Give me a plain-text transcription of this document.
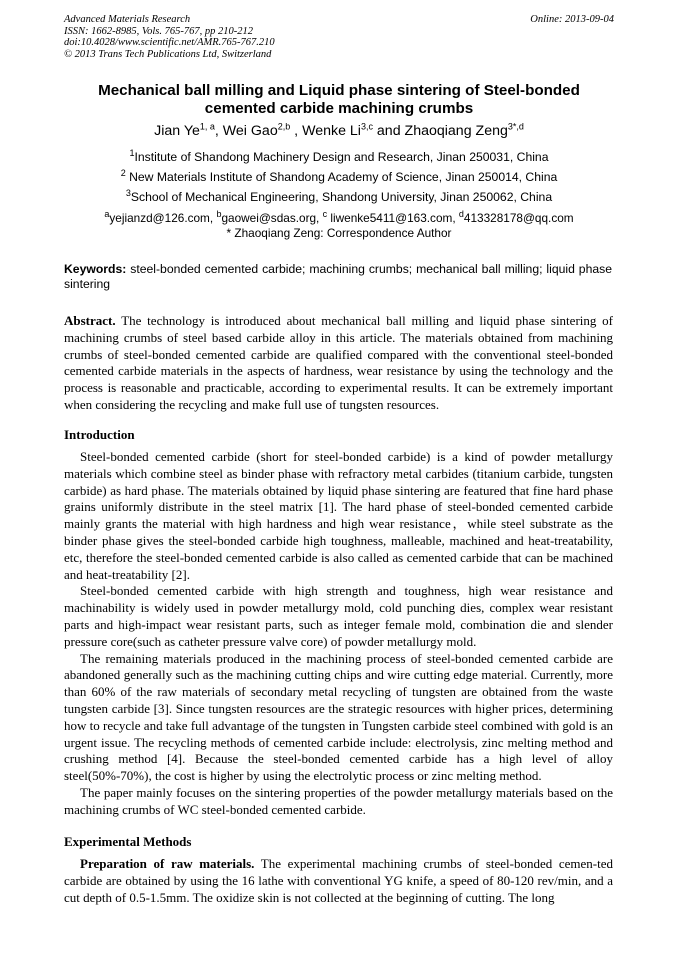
Advanced Materials Research
ISSN: 1662-8985, Vols. 765-767, pp 210-212
doi:10.4028/www.scientific.net/AMR.765-767.210
© 2013 Trans Tech Publications Ltd, Switzerland
Online: 2013-09-04
Mechanical ball milling and Liquid phase sintering of Steel-bonded
cemented carbide machining crumbs
Jian Ye$^{1, a}$, Wei Gao$^{2,b}$ , Wenke Li$^{3,c}$ and Zhaoqiang Zeng$^{3*,d}$
$^1$Institute of Shandong Machinery Design and Research, Jinan 250031, China
$^2$ New Materials Institute of Shandong Academy of Science, Jinan 250014, China
$^3$School of Mechanical Engineering, Shandong University, Jinan 250062, China
$^a$yejianzd@126.com, $^b$gaowei@sdas.org, $^c$ liwenke5411@163.com, $^d$413328178@qq.com
* Zhaoqiang Zeng: Correspondence Author
Keywords: steel-bonded cemented carbide; machining crumbs; mechanical ball milling; liquid phase sintering
Abstract. The technology is introduced about mechanical ball milling and liquid phase sintering of machining crumbs of steel based carbide alloy in this article. The materials obtained from machining crumbs of steel-bonded cemented carbide are qualified compared with the conventional steel-bonded cemented carbide materials in the aspects of hardness, wear resistance by using the technology and the process is reasonable and practicable, according to experimental results. It can be extremely important when considering the recycling and make full use of tungsten resources.
Introduction

Steel-bonded cemented carbide (short for steel-bonded carbide) is a kind of powder metallurgy materials which combine steel as binder phase with refractory metal carbides (titanium carbide, tungsten carbide) as hard phase. The materials obtained by liquid phase sintering are featured that fine hard phase grains uniformly distribute in the steel matrix [1]. The hard phase of steel-bonded cemented carbide mainly grants the material with high hardness and high wear resistance，while steel substrate as the binder phase gives the steel-bonded carbide high toughness, malleable, machined and heat-treatability, etc, therefore the steel-bonded cemented carbide is also called as cemented carbide that can be machined and heat-treatability [2].

Steel-bonded cemented carbide with high strength and toughness, high wear resistance and machinability is widely used in powder metallurgy mold, cold punching dies, complex wear resistant parts and high-impact wear resistant parts, such as integer female mold, combination die and slender pressure core(such as catheter pressure valve core) of powder metallurgy mold.

The remaining materials produced in the machining process of steel-bonded cemented carbide are abandoned generally such as the machining cutting chips and wire cutting edge material. Currently, more than 60% of the raw materials of secondary metal recycling of tungsten are obtained from the waste tungsten carbide [3]. Since tungsten resources are the strategic resources with higher prices, determining how to recycle and take full advantage of the tungsten in Tungsten carbide steel combined with gold is an urgent issue. The recycling methods of cemented carbide include: electrolysis, zinc melting method and crushing method [4]. Because the steel-bonded cemented carbide has a high level of alloy steel(50%-70%), the cost is higher by using the electrolytic process or zinc melting method.

The paper mainly focuses on the sintering properties of the powder metallurgy materials based on the machining crumbs of WC steel-bonded cemented carbide.

Experimental Methods

Preparation of raw materials. The experimental machining crumbs of steel-bonded cemen-ted carbide are obtained by using the 16 lathe with conventional YG knife, a speed of 80-120 rev/min, and a cut depth of 0.5-1.5mm. The oxidize skin is not collected at the beginning of cutting. The long
